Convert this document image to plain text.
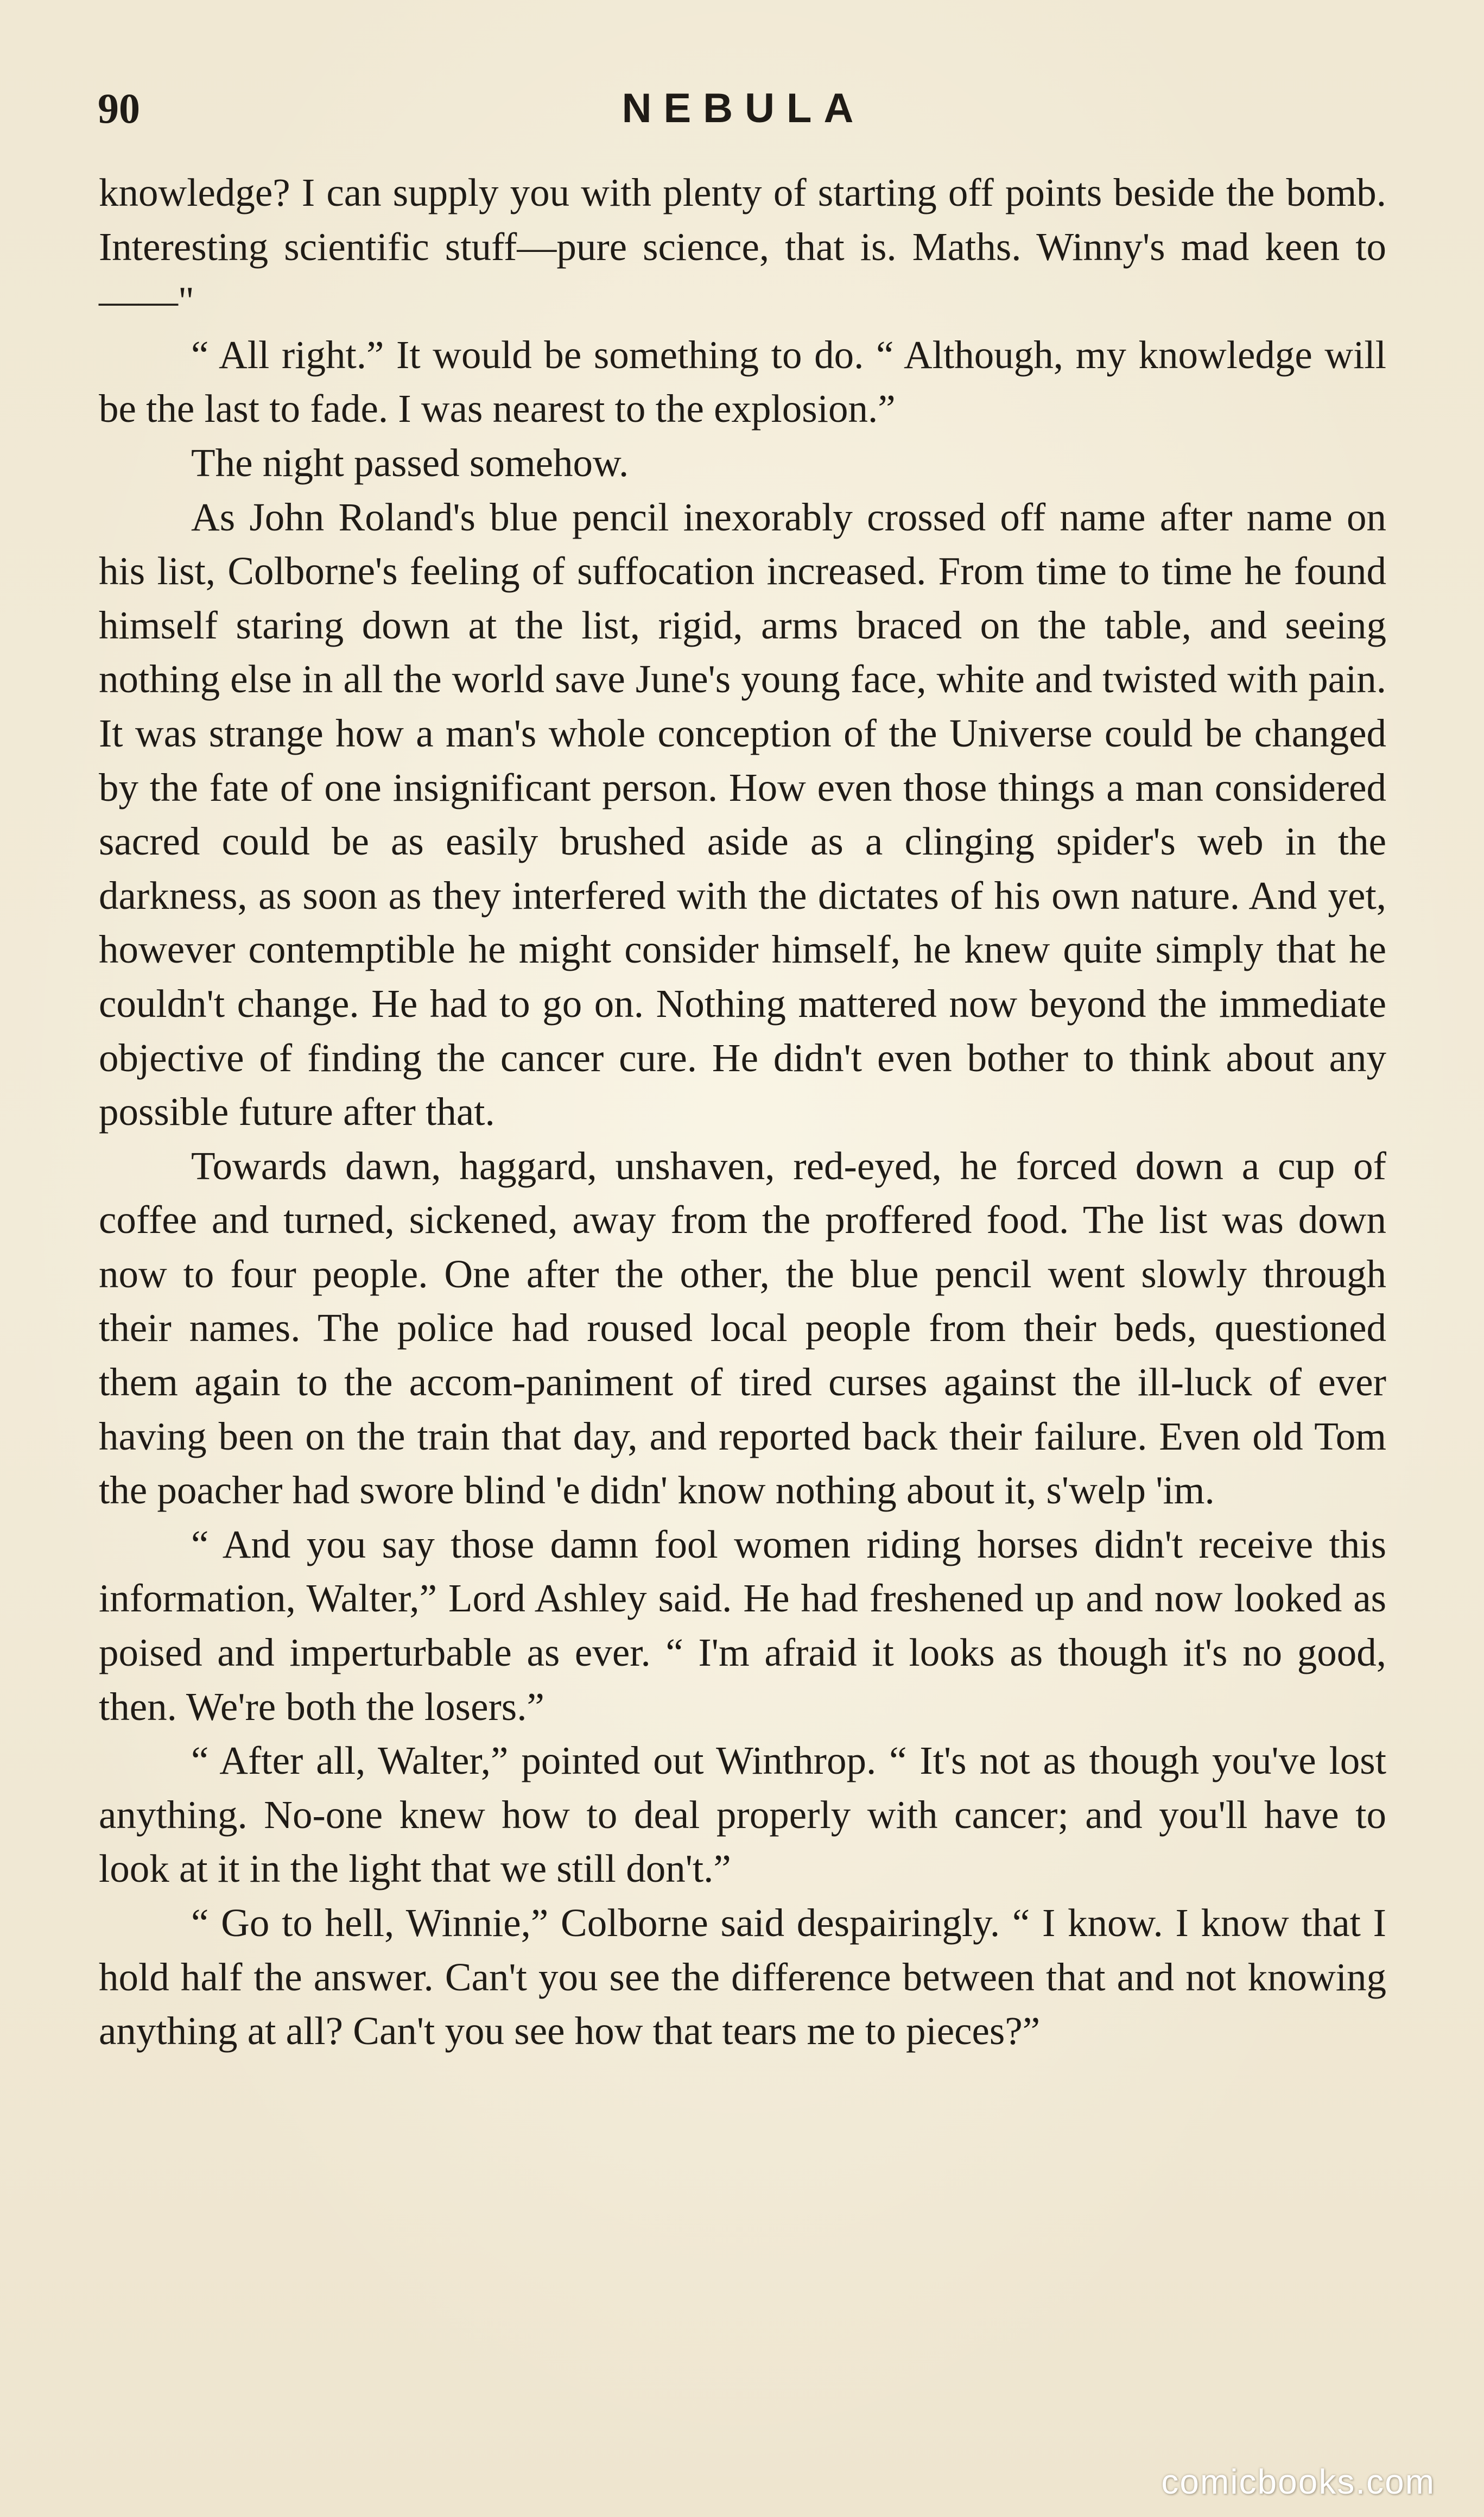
90	NEBULA

knowledge? I can supply you with plenty of starting off points beside the bomb. Interesting scientific stuff—pure science, that is. Maths. Winny's mad keen to——"

“ All right.” It would be something to do. “ Although, my knowledge will be the last to fade. I was nearest to the explosion.”

The night passed somehow.

As John Roland's blue pencil inexorably crossed off name after name on his list, Colborne's feeling of suffocation increased. From time to time he found himself staring down at the list, rigid, arms braced on the table, and seeing nothing else in all the world save June's young face, white and twisted with pain. It was strange how a man's whole conception of the Universe could be changed by the fate of one insignificant person. How even those things a man considered sacred could be as easily brushed aside as a clinging spider's web in the darkness, as soon as they interfered with the dictates of his own nature. And yet, however contemptible he might consider himself, he knew quite simply that he couldn't change. He had to go on. Nothing mattered now beyond the immediate objective of finding the cancer cure. He didn't even bother to think about any possible future after that.

Towards dawn, haggard, unshaven, red-eyed, he forced down a cup of coffee and turned, sickened, away from the proffered food. The list was down now to four people. One after the other, the blue pencil went slowly through their names. The police had roused local people from their beds, questioned them again to the accom-paniment of tired curses against the ill-luck of ever having been on the train that day, and reported back their failure. Even old Tom the poacher had swore blind 'e didn' know nothing about it, s'welp 'im.

“ And you say those damn fool women riding horses didn't receive this information, Walter,” Lord Ashley said. He had freshened up and now looked as poised and imperturbable as ever. “ I'm afraid it looks as though it's no good, then. We're both the losers.”

“ After all, Walter,” pointed out Winthrop. “ It's not as though you've lost anything. No-one knew how to deal properly with cancer; and you'll have to look at it in the light that we still don't.”

“ Go to hell, Winnie,” Colborne said despairingly. “ I know. I know that I hold half the answer. Can't you see the difference between that and not knowing anything at all? Can't you see how that tears me to pieces?”

comicbooks.com
